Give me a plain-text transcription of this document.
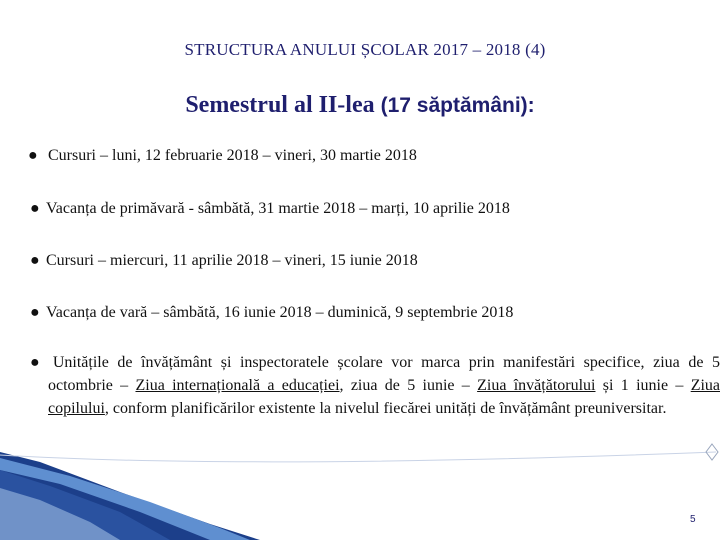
STRUCTURA ANULUI ȘCOLAR 2017 – 2018 (4)
Semestrul al II-lea (17 săptămâni):
● Cursuri – luni, 12 februarie 2018 – vineri, 30 martie 2018
● Vacanța de primăvară - sâmbătă, 31 martie 2018 – marți, 10 aprilie 2018
● Cursuri – miercuri, 11 aprilie 2018 – vineri, 15 iunie 2018
● Vacanța de vară – sâmbătă, 16 iunie 2018 – duminică, 9 septembrie 2018
● Unitățile de învățământ și inspectoratele școlare vor marca prin manifestări specifice, ziua de 5 octombrie – Ziua internațională a educației, ziua de 5 iunie – Ziua învățătorului și 1 iunie – Ziua copilului, conform planificărilor existente la nivelul fiecărei unități de învățământ preuniversitar.
5
